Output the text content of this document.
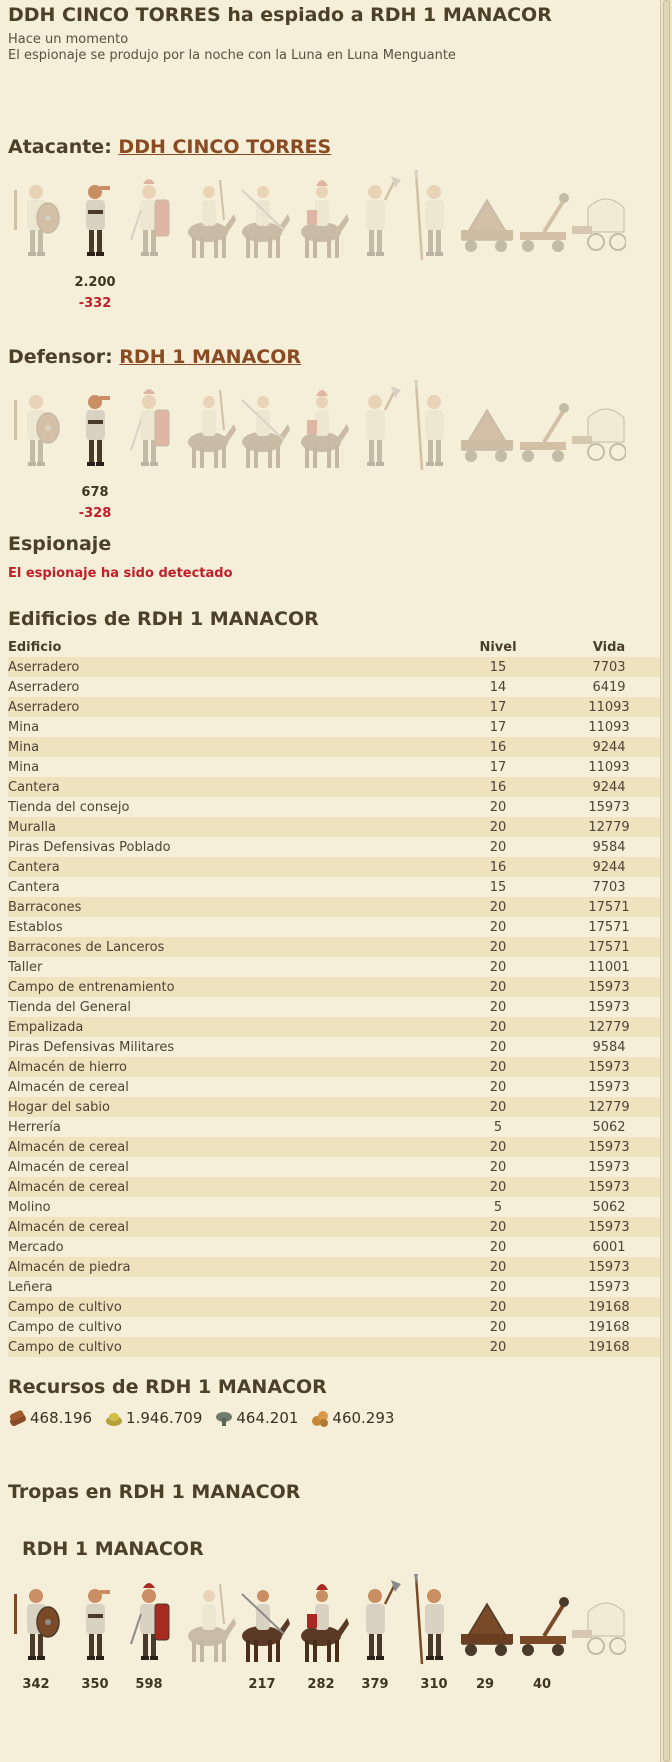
DDH CINCO TORRES ha espiado a RDH 1 MANACOR
Hace un momento
El espionaje se produjo por la noche con la Luna en Luna Menguante
Atacante: DDH CINCO TORRES
2.200
-332
Defensor: RDH 1 MANACOR
678
-328
Espionaje
El espionaje ha sido detectado
Edificios de RDH 1 MANACOR
Edificio	Nivel	Vida
Aserradero	15	7703
Aserradero	14	6419
Aserradero	17	11093
Mina	17	11093
Mina	16	9244
Mina	17	11093
Cantera	16	9244
Tienda del consejo	20	15973
Muralla	20	12779
Piras Defensivas Poblado	20	9584
Cantera	16	9244
Cantera	15	7703
Barracones	20	17571
Establos	20	17571
Barracones de Lanceros	20	17571
Taller	20	11001
Campo de entrenamiento	20	15973
Tienda del General	20	15973
Empalizada	20	12779
Piras Defensivas Militares	20	9584
Almacén de hierro	20	15973
Almacén de cereal	20	15973
Hogar del sabio	20	12779
Herrería	5	5062
Almacén de cereal	20	15973
Almacén de cereal	20	15973
Almacén de cereal	20	15973
Molino	5	5062
Almacén de cereal	20	15973
Mercado	20	6001
Almacén de piedra	20	15973
Leñera	20	15973
Campo de cultivo	20	19168
Campo de cultivo	20	19168
Campo de cultivo	20	19168
Recursos de RDH 1 MANACOR
468.196 1.946.709 464.201 460.293
Tropas en RDH 1 MANACOR
RDH 1 MANACOR
342	350	598	217	282	379	310	29	40
